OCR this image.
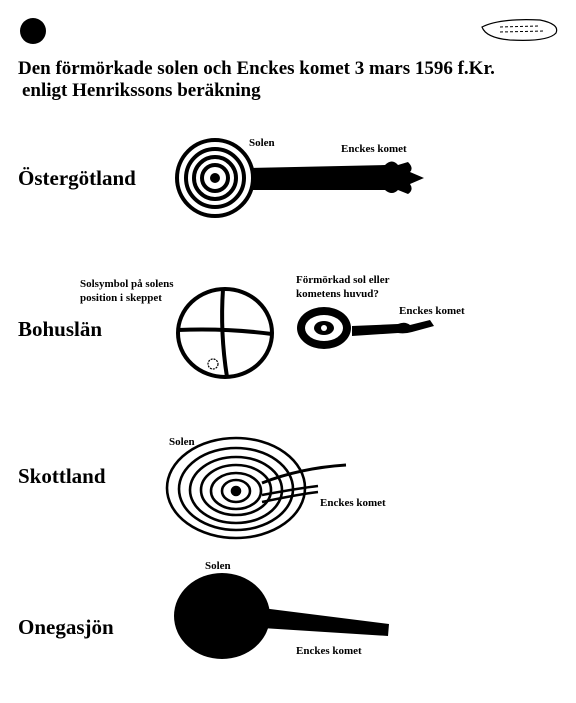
Den förmörkade solen och Enckes komet 3 mars 1596 f.Kr.
enligt Henrikssons beräkning
Östergötland
Solen	Enckes komet
Bohuslän
Solsymbol på solens
position i skeppet
Förmörkad sol eller
kometens huvud?
Enckes komet
Skottland
Solen
Enckes komet
Onegasjön
Solen
Enckes komet
